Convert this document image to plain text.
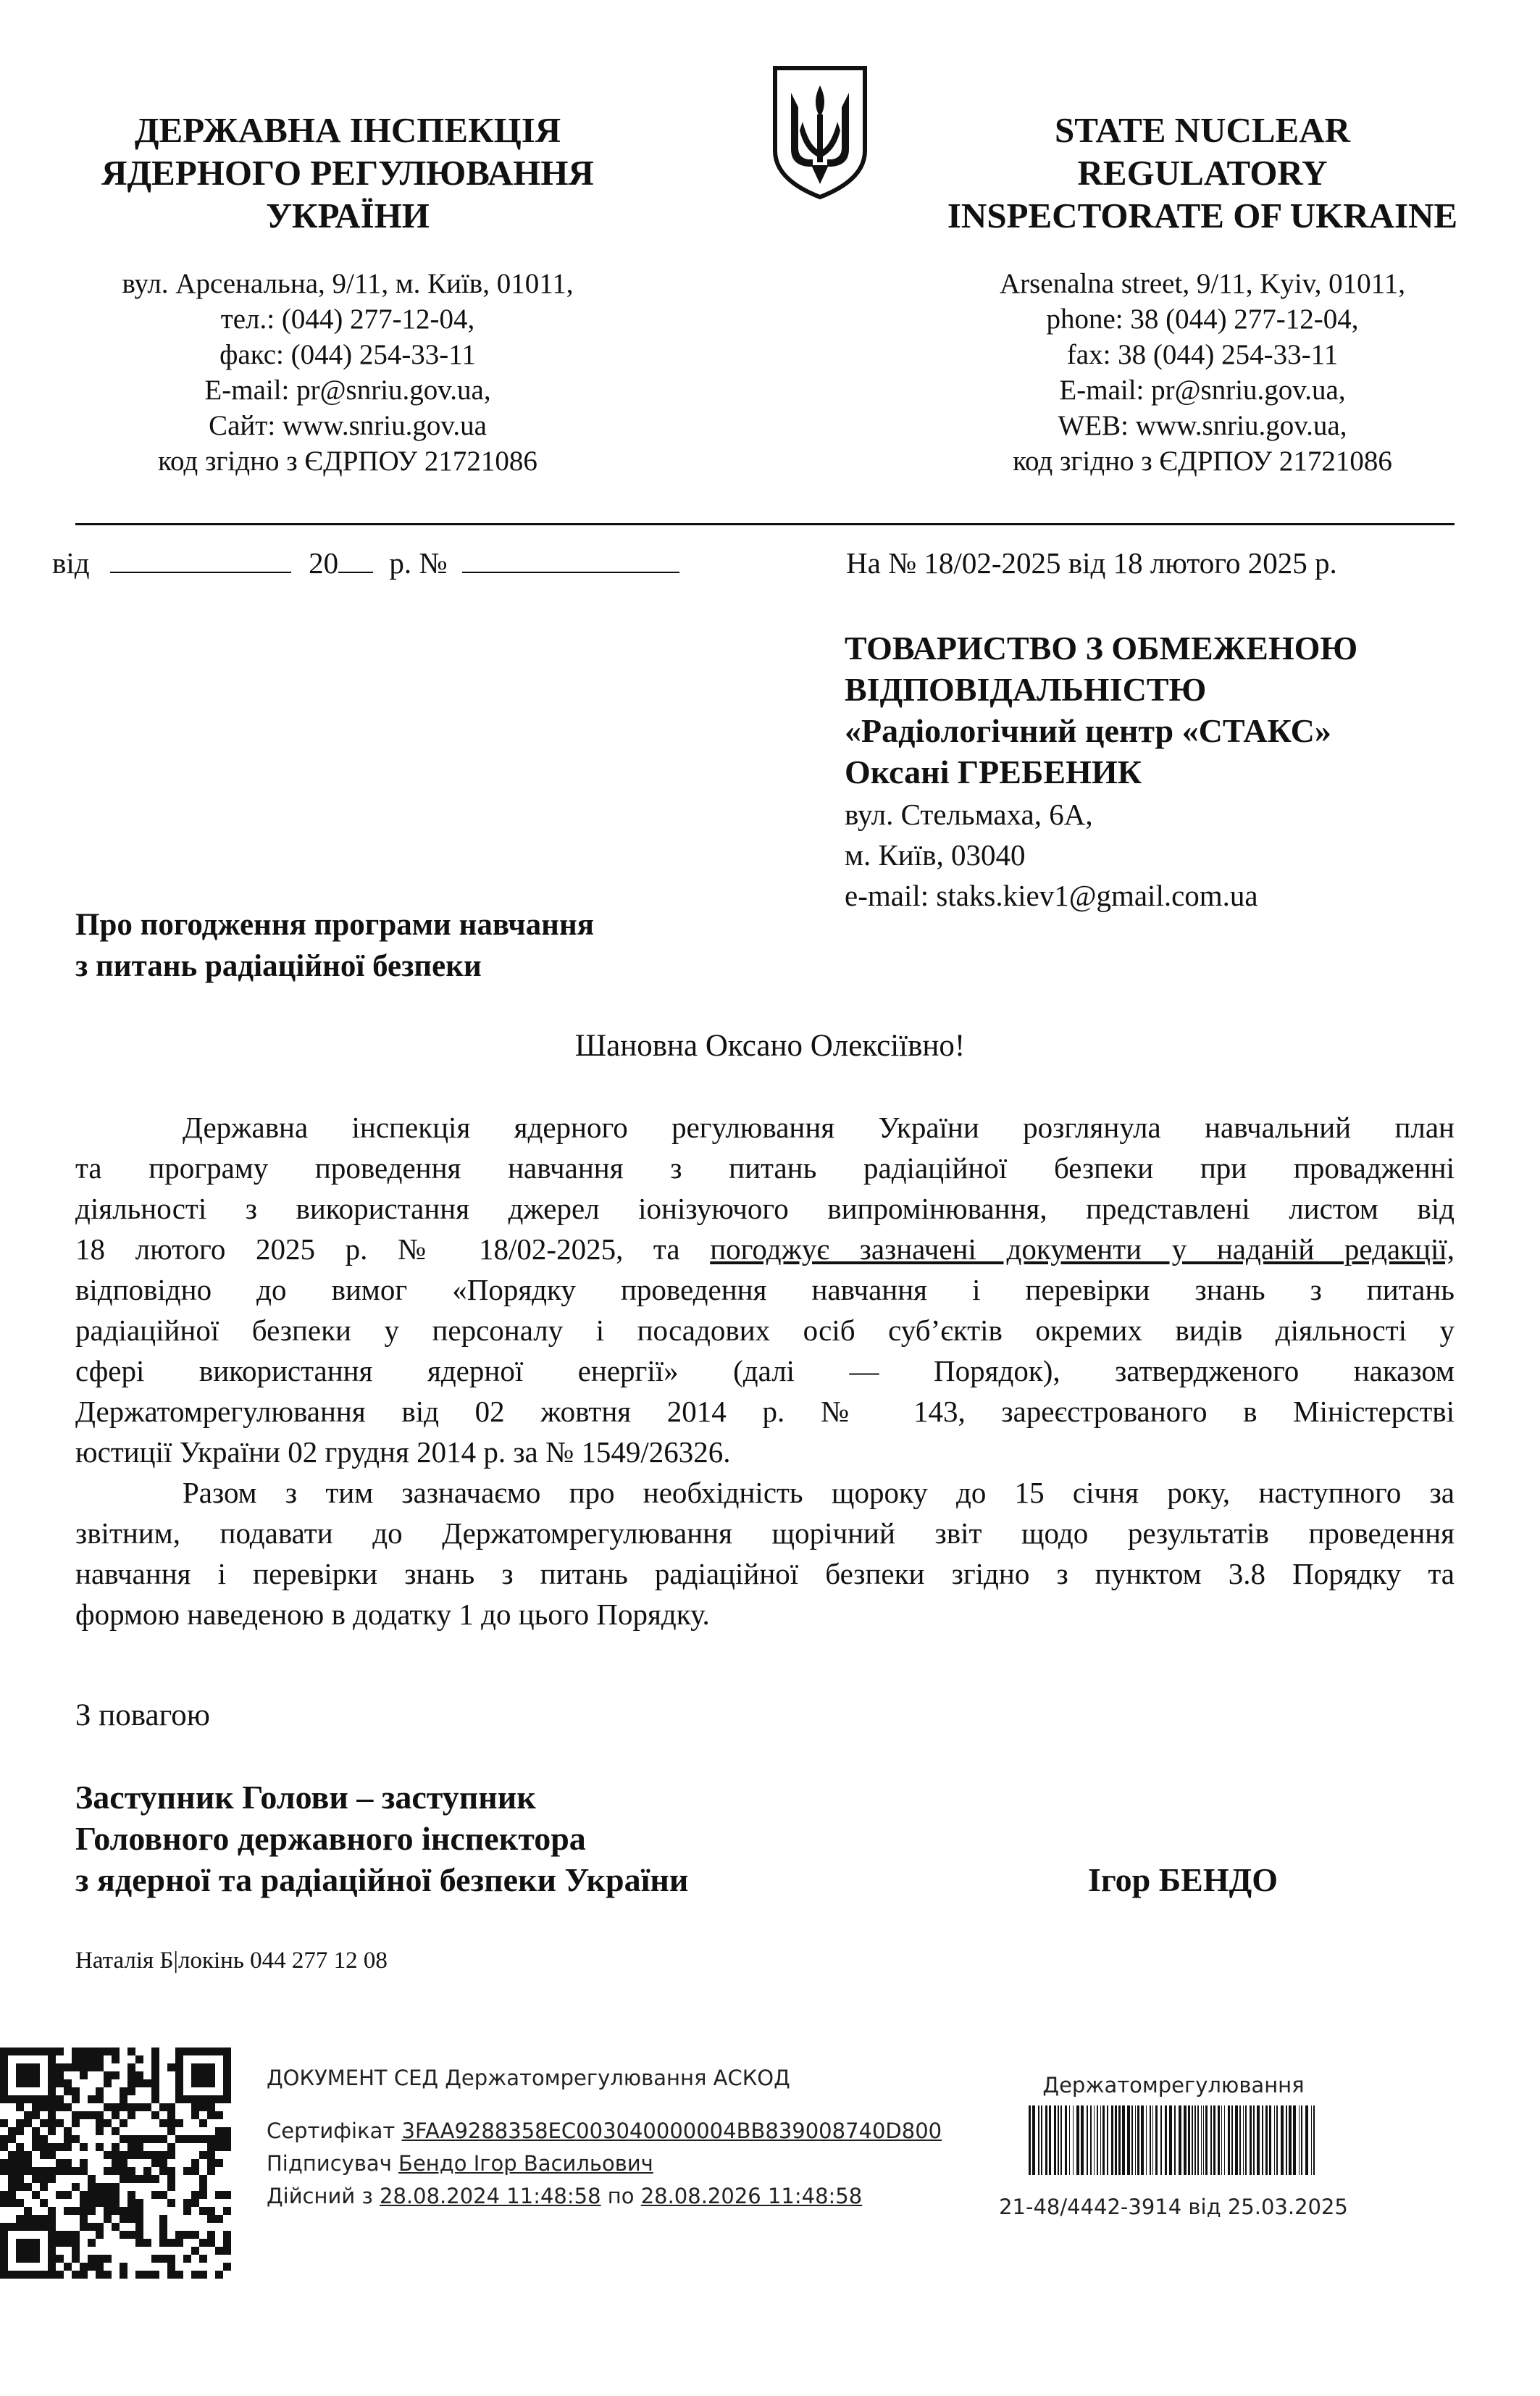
ДЕРЖАВНА ІНСПЕКЦІЯ
ЯДЕРНОГО РЕГУЛЮВАННЯ
УКРАЇНИ
вул. Арсенальна, 9/11, м. Київ, 01011,
тел.: (044) 277-12-04,
факс: (044) 254-33-11
E-mail: pr@snriu.gov.ua,
Сайт: www.snriu.gov.ua
код згідно з ЄДРПОУ 21721086
STATE NUCLEAR
REGULATORY
INSPECTORATE OF UKRAINE
Arsenalna street, 9/11, Kyiv, 01011,
phone: 38 (044) 277-12-04,
fax: 38 (044) 254-33-11
E-mail: pr@snriu.gov.ua,
WEB: www.snriu.gov.ua,
код згідно з ЄДРПОУ 21721086
від	20 р. №	На № 18/02-2025 від 18 лютого 2025 р.
ТОВАРИСТВО З ОБМЕЖЕНОЮ
ВІДПОВІДАЛЬНІСТЮ
«Радіологічний центр «СТАКС»
Оксані ГРЕБЕНИК
вул. Стельмаха, 6А,
м. Київ, 03040
e-mail: staks.kiev1@gmail.com.ua
Про погодження програми навчання
з питань радіаційної безпеки
Шановна Оксано Олексіївно!
Державна інспекція ядерного регулювання України розглянула навчальний план
та програму проведення навчання з питань радіаційної безпеки при провадженні
діяльності з використання джерел іонізуючого випромінювання, представлені листом від
18 лютого 2025 р. № 18/02-2025, та погоджує зазначені документи у наданій редакції,
відповідно до вимог «Порядку проведення навчання і перевірки знань з питань
радіаційної безпеки у персоналу і посадових осіб суб’єктів окремих видів діяльності у
сфері використання ядерної енергії» (далі — Порядок), затвердженого наказом
Держатомрегулювання від 02 жовтня 2014 р. № 143, зареєстрованого в Міністерстві
юстиції України 02 грудня 2014 р. за № 1549/26326.
Разом з тим зазначаємо про необхідність щороку до 15 січня року, наступного за
звітним, подавати до Держатомрегулювання щорічний звіт щодо результатів проведення
навчання і перевірки знань з питань радіаційної безпеки згідно з пунктом 3.8 Порядку та
формою наведеною в додатку 1 до цього Порядку.
З повагою
Заступник Голови – заступник
Головного державного інспектора
з ядерної та радіаційної безпеки України	Ігор БЕНДО
Наталія Б|локінь 044 277 12 08
ДОКУМЕНТ СЕД Держатомрегулювання АСКОД
Сертифікат 3FAA9288358EC003040000004BB839008740D800
Підписувач Бендо Ігор Васильович
Дійсний з 28.08.2024 11:48:58 по 28.08.2026 11:48:58
Держатомрегулювання
21-48/4442-3914 від 25.03.2025
